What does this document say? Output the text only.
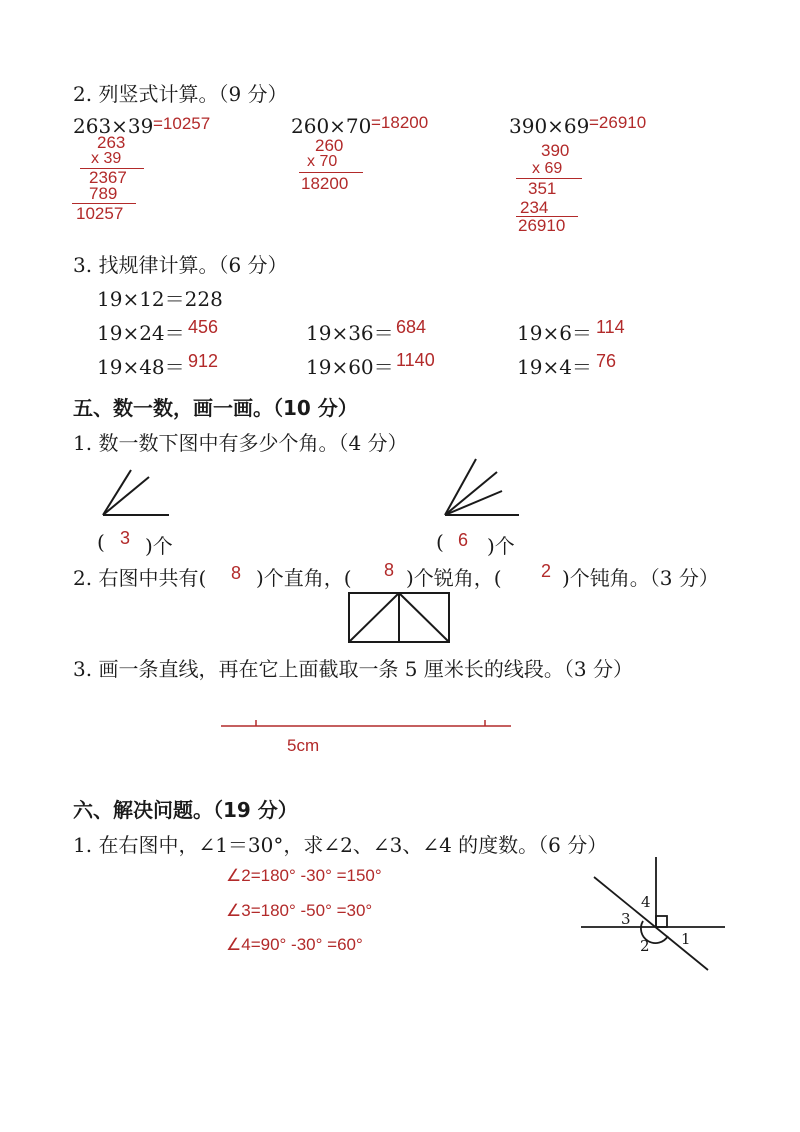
2. 列竖式计算。（9 分）
263×39 =10257
263
x 39
2367
789
10257
260×70 =18200
260
x 70
18200
390×69 =26910
390
x 69
351
234
26910
3. 找规律计算。（6 分）
19×12＝228
19×24＝ 456	19×36＝ 684	19×6＝ 114
19×48＝ 912	19×60＝ 1140	19×4＝ 76
五、数一数，画一画。（10 分）
1. 数一数下图中有多少个角。（4 分）
( 3 )个	( 6 )个
2. 右图中共有( 8 )个直角，( 8 )个锐角，( 2 )个钝角。（3 分）
3. 画一条直线，再在它上面截取一条 5 厘米长的线段。（3 分）
5cm
六、解决问题。（19 分）
1. 在右图中，∠1＝30°，求∠2、∠3、∠4 的度数。（6 分）
∠2=180° -30° =150°
∠3=180° -50° =30°
∠4=90° -30° =60°	1
2
3
4
